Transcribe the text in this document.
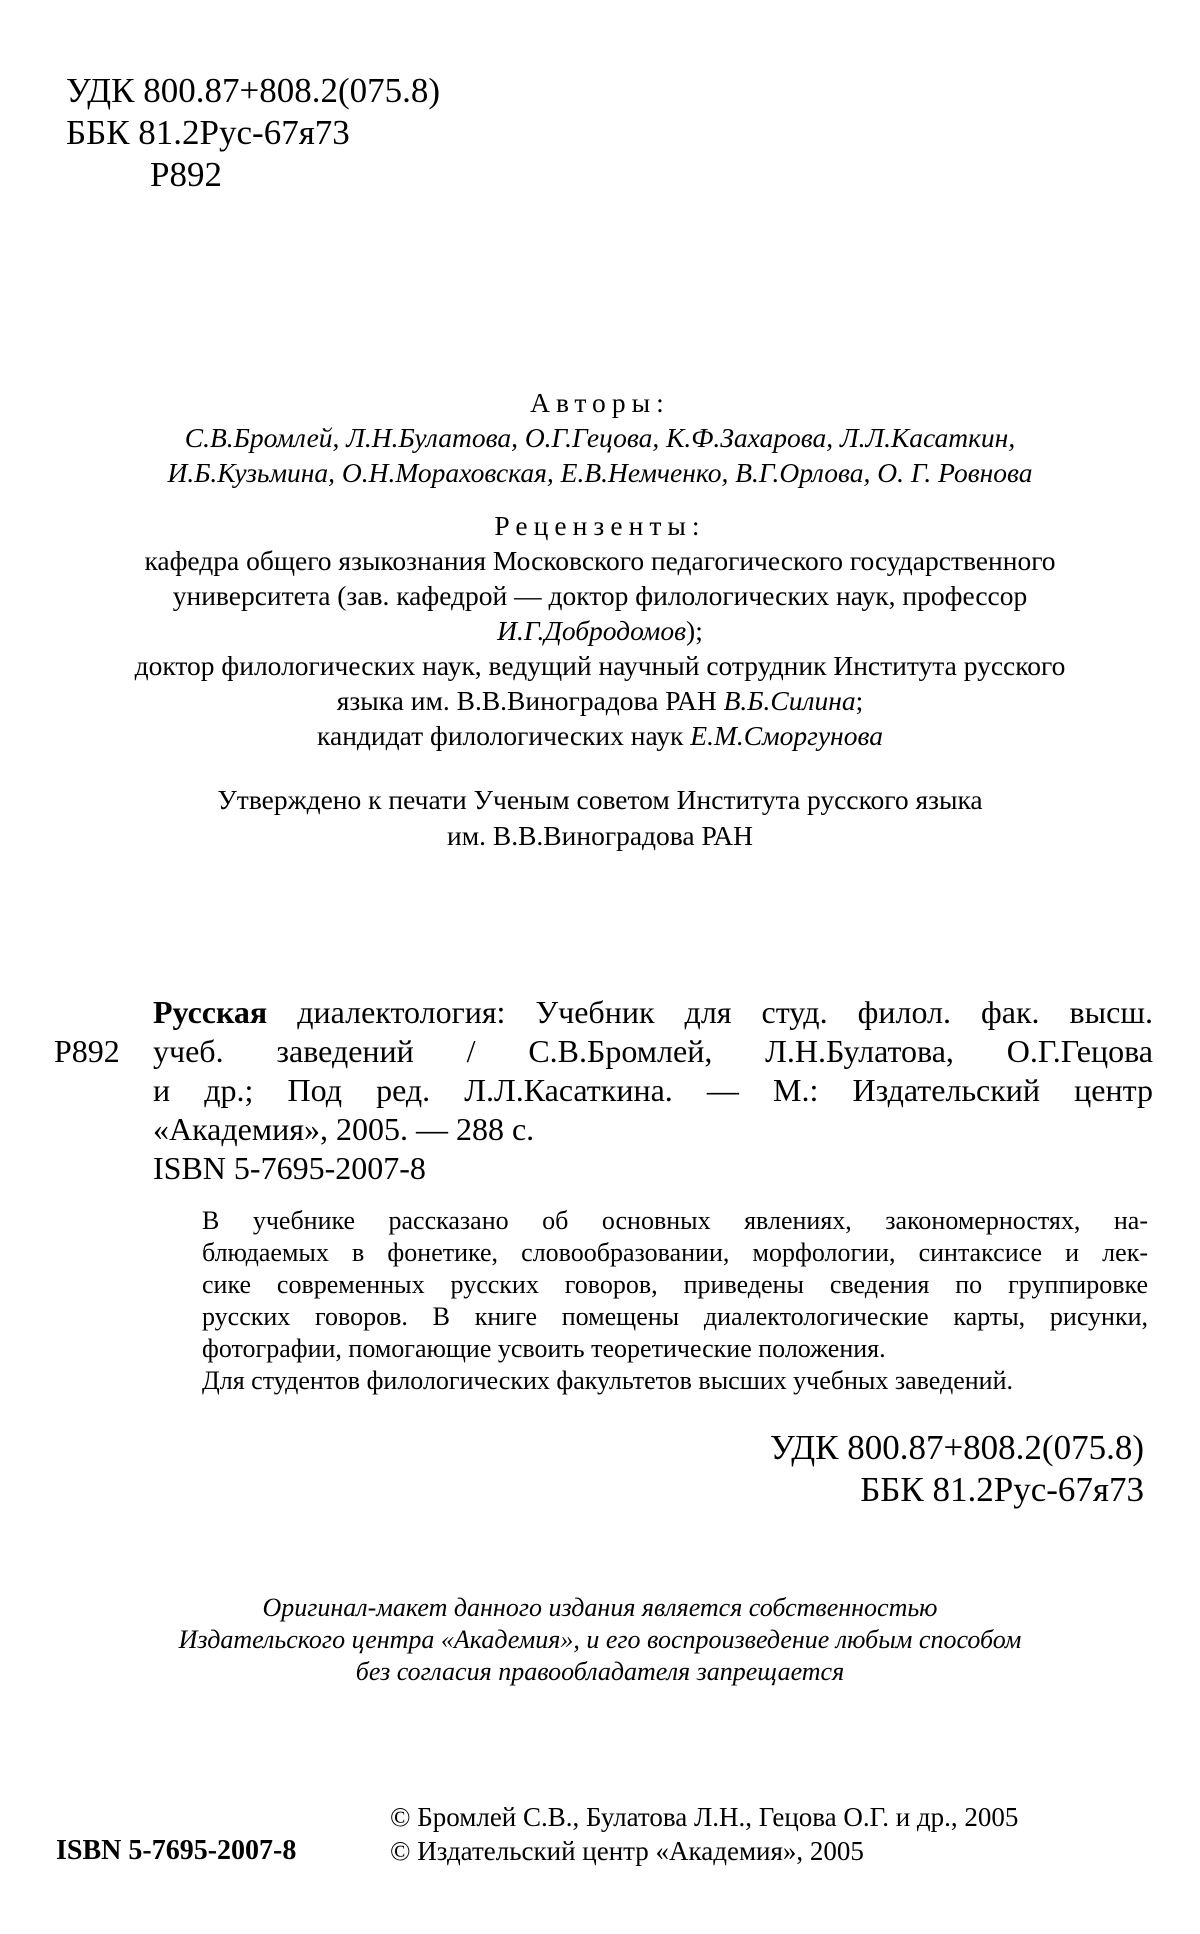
УДК 800.87+808.2(075.8)
ББК 81.2Рус-67я73
Р892
Авторы:
С.В.Бромлей, Л.Н.Булатова, О.Г.Гецова, К.Ф.Захарова, Л.Л.Касаткин,
И.Б.Кузьмина, О.Н.Мораховская, Е.В.Немченко, В.Г.Орлова, О. Г. Ровнова
Рецензенты:
кафедра общего языкознания Московского педагогического государственного
университета (зав. кафедрой — доктор филологических наук, профессор
И.Г.Добродомов);
доктор филологических наук, ведущий научный сотрудник Института русского
языка им. В.В.Виноградова РАН В.Б.Силина;
кандидат филологических наук Е.М.Сморгунова
Утверждено к печати Ученым советом Института русского языка
им. В.В.Виноградова РАН
Р892
Русская диалектология: Учебник для студ. филол. фак. высш.
учеб. заведений / С.В.Бромлей, Л.Н.Булатова, О.Г.Гецова
и др.; Под ред. Л.Л.Касаткина. — М.: Издательский центр
«Академия», 2005. — 288 с.
ISBN 5-7695-2007-8
В учебнике рассказано об основных явлениях, закономерностях, на-
блюдаемых в фонетике, словообразовании, морфологии, синтаксисе и лек-
сике современных русских говоров, приведены сведения по группировке
русских говоров. В книге помещены диалектологические карты, рисунки,
фотографии, помогающие усвоить теоретические положения.
Для студентов филологических факультетов высших учебных заведений.
УДК 800.87+808.2(075.8)
ББК 81.2Рус-67я73
Оригинал-макет данного издания является собственностью
Издательского центра «Академия», и его воспроизведение любым способом
без согласия правообладателя запрещается
© Бромлей С.В., Булатова Л.Н., Гецова О.Г. и др., 2005
© Издательский центр «Академия», 2005
ISBN 5-7695-2007-8
